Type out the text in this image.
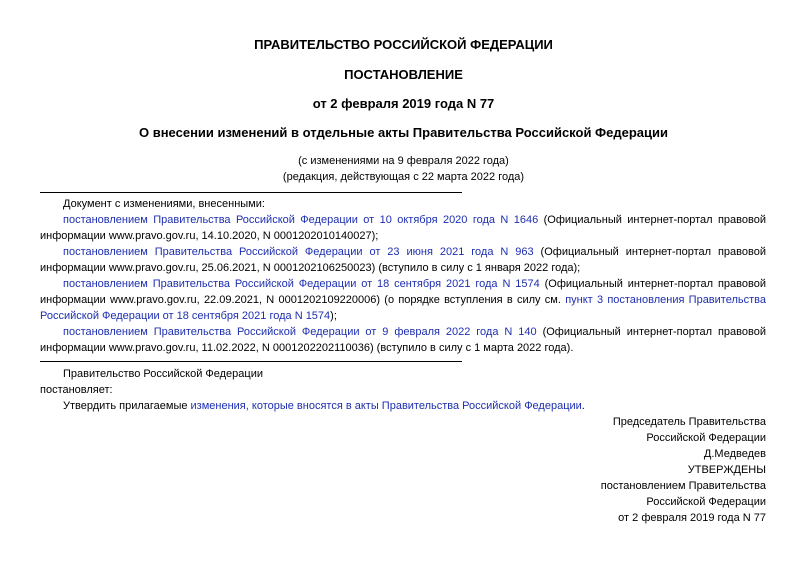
ПРАВИТЕЛЬСТВО РОССИЙСКОЙ ФЕДЕРАЦИИ
ПОСТАНОВЛЕНИЕ
от 2 февраля 2019 года N 77
О внесении изменений в отдельные акты Правительства Российской Федерации
(с изменениями на 9 февраля 2022 года)
(редакция, действующая с 22 марта 2022 года)
Документ с изменениями, внесенными:
постановлением Правительства Российской Федерации от 10 октября 2020 года N 1646 (Официальный интернет-портал правовой
информации www.pravo.gov.ru, 14.10.2020, N 0001202010140027);
постановлением Правительства Российской Федерации от 23 июня 2021 года N 963 (Официальный интернет-портал правовой
информации www.pravo.gov.ru, 25.06.2021, N 0001202106250023) (вступило в силу с 1 января 2022 года);
постановлением Правительства Российской Федерации от 18 сентября 2021 года N 1574 (Официальный интернет-портал правовой
информации www.pravo.gov.ru, 22.09.2021, N 0001202109220006) (о порядке вступления в силу см. пункт 3 постановления Правительства
Российской Федерации от 18 сентября 2021 года N 1574);
постановлением Правительства Российской Федерации от 9 февраля 2022 года N 140 (Официальный интернет-портал правовой
информации www.pravo.gov.ru, 11.02.2022, N 0001202202110036) (вступило в силу с 1 марта 2022 года).
Правительство Российской Федерации
постановляет:
Утвердить прилагаемые изменения, которые вносятся в акты Правительства Российской Федерации.
Председатель Правительства
Российской Федерации
Д.Медведев
УТВЕРЖДЕНЫ
постановлением Правительства
Российской Федерации
от 2 февраля 2019 года N 77
